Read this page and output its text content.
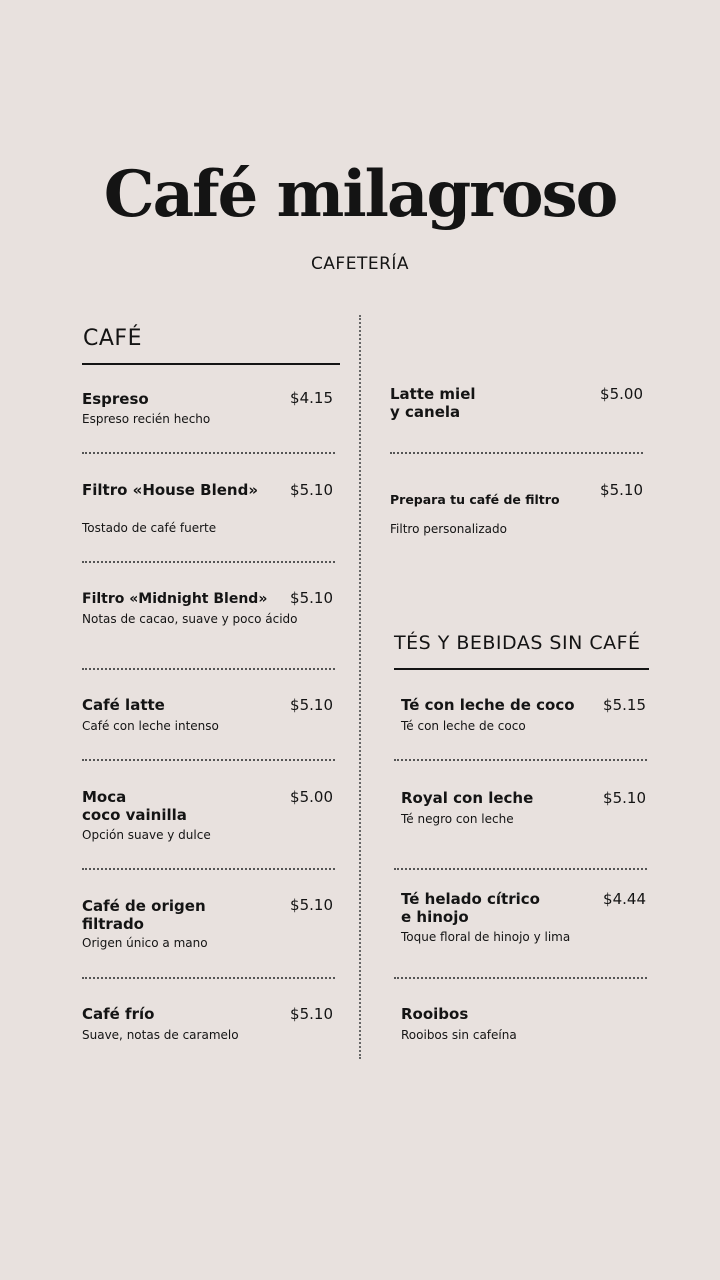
Café milagroso
CAFETERÍA
CAFÉ
TÉS Y BEBIDAS SIN CAFÉ
Espreso	$4.15
Espreso recién hecho
Filtro «House Blend»	$5.10
Tostado de café fuerte
Filtro «Midnight Blend»	$5.10
Notas de cacao, suave y poco ácido
Café latte	$5.10
Café con leche intenso
Moca
coco vainilla
$5.00
Opción suave y dulce
Café de origen
filtrado
$5.10
Origen único a mano
Café frío	$5.10
Suave, notas de caramelo
Latte miel
y canela
$5.00
Prepara tu café de filtro
$5.10
Filtro personalizado
Té con leche de coco	$5.15
Té con leche de coco
Royal con leche	$5.10
Té negro con leche
Té helado cítrico
e hinojo
$4.44
Toque floral de hinojo y lima
Rooibos
Rooibos sin cafeína
